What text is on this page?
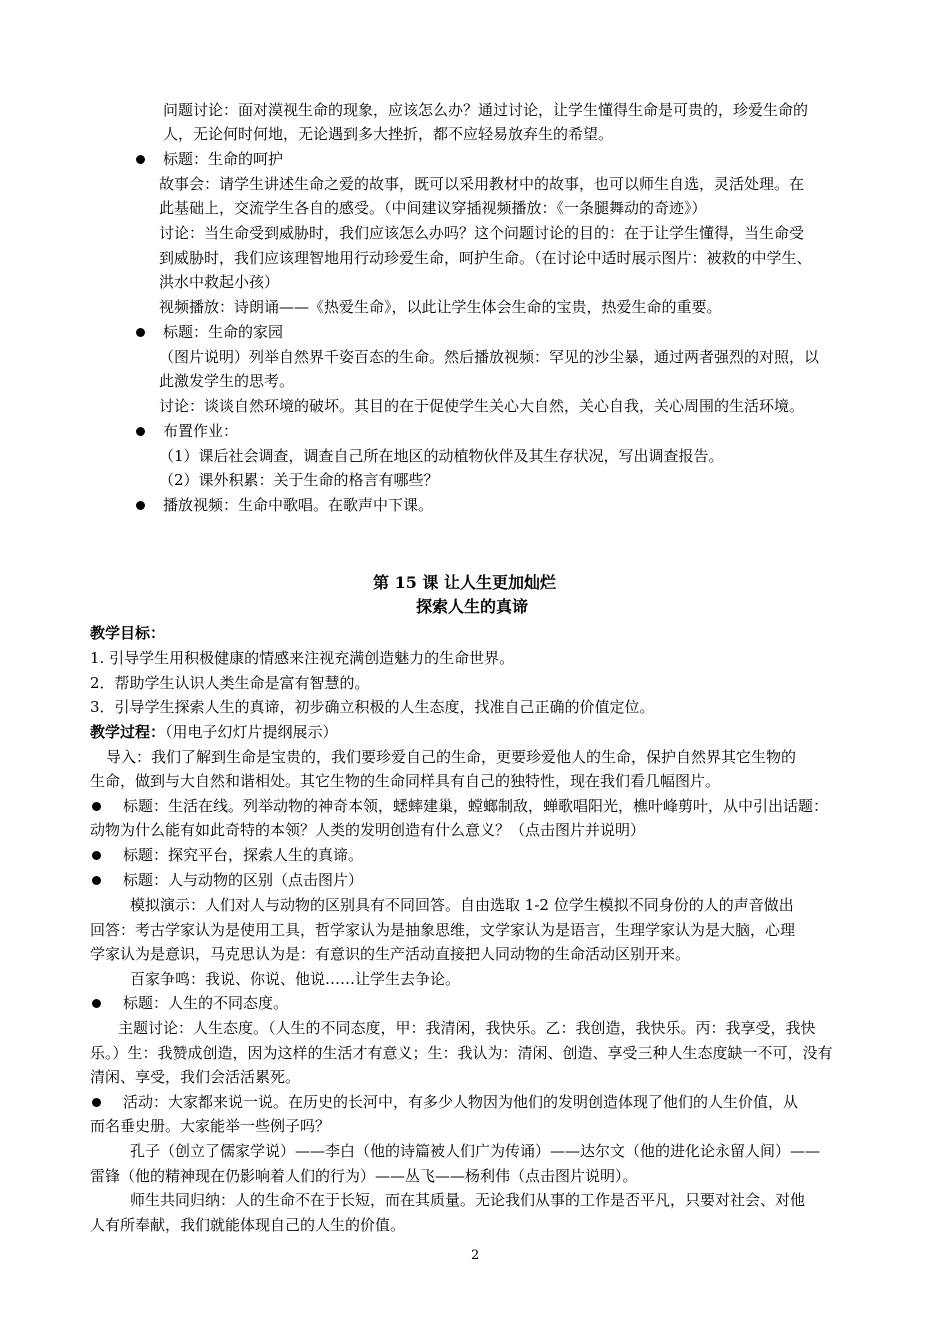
问题讨论：面对漠视生命的现象，应该怎么办？通过讨论，让学生懂得生命是可贵的，珍爱生命的
人，无论何时何地，无论遇到多大挫折，都不应轻易放弃生的希望。
标题：生命的呵护
故事会：请学生讲述生命之爱的故事，既可以采用教材中的故事，也可以师生自选，灵活处理。在
此基础上，交流学生各自的感受。（中间建议穿插视频播放：《一条腿舞动的奇迹》）
讨论：当生命受到威胁时，我们应该怎么办吗？这个问题讨论的目的：在于让学生懂得，当生命受
到威胁时，我们应该理智地用行动珍爱生命，呵护生命。（在讨论中适时展示图片：被救的中学生、
洪水中救起小孩）
视频播放：诗朗诵——《热爱生命》，以此让学生体会生命的宝贵，热爱生命的重要。
标题：生命的家园
（图片说明）列举自然界千姿百态的生命。然后播放视频：罕见的沙尘暴，通过两者强烈的对照，以
此激发学生的思考。
讨论：谈谈自然环境的破坏。其目的在于促使学生关心大自然，关心自我，关心周围的生活环境。
布置作业：
（1）课后社会调查，调查自己所在地区的动植物伙伴及其生存状况，写出调查报告。
（2）课外积累：关于生命的格言有哪些？
播放视频：生命中歌唱。在歌声中下课。
第 15 课 让人生更加灿烂
探索人生的真谛
教学目标：
1. 引导学生用积极健康的情感来注视充满创造魅力的生命世界。
2．帮助学生认识人类生命是富有智慧的。
3．引导学生探索人生的真谛，初步确立积极的人生态度，找准自己正确的价值定位。
教学过程：（用电子幻灯片提纲展示）
导入：我们了解到生命是宝贵的，我们要珍爱自己的生命，更要珍爱他人的生命，保护自然界其它生物的
生命，做到与大自然和谐相处。其它生物的生命同样具有自己的独特性，现在我们看几幅图片。
标题：生活在线。列举动物的神奇本领，蟋蟀建巢，螳螂制敌，蝉歌唱阳光，樵叶峰剪叶，从中引出话题：
动物为什么能有如此奇特的本领？人类的发明创造有什么意义？（点击图片并说明）
标题：探究平台，探索人生的真谛。
标题：人与动物的区别（点击图片）
模拟演示：人们对人与动物的区别具有不同回答。自由选取 1-2 位学生模拟不同身份的人的声音做出
回答：考古学家认为是使用工具，哲学家认为是抽象思维，文学家认为是语言，生理学家认为是大脑，心理
学家认为是意识，马克思认为是：有意识的生产活动直接把人同动物的生命活动区别开来。
百家争鸣：我说、你说、他说……让学生去争论。
标题：人生的不同态度。
主题讨论：人生态度。（人生的不同态度，甲：我清闲，我快乐。乙：我创造，我快乐。丙：我享受，我快
乐。）生：我赞成创造，因为这样的生活才有意义；生：我认为：清闲、创造、享受三种人生态度缺一不可，没有
清闲、享受，我们会活活累死。
活动：大家都来说一说。在历史的长河中，有多少人物因为他们的发明创造体现了他们的人生价值，从
而名垂史册。大家能举一些例子吗？
孔子（创立了儒家学说）——李白（他的诗篇被人们广为传诵）——达尔文（他的进化论永留人间）——
雷锋（他的精神现在仍影响着人们的行为）——丛飞——杨利伟（点击图片说明）。
师生共同归纳：人的生命不在于长短，而在其质量。无论我们从事的工作是否平凡，只要对社会、对他
人有所奉献，我们就能体现自己的人生的价值。
2
